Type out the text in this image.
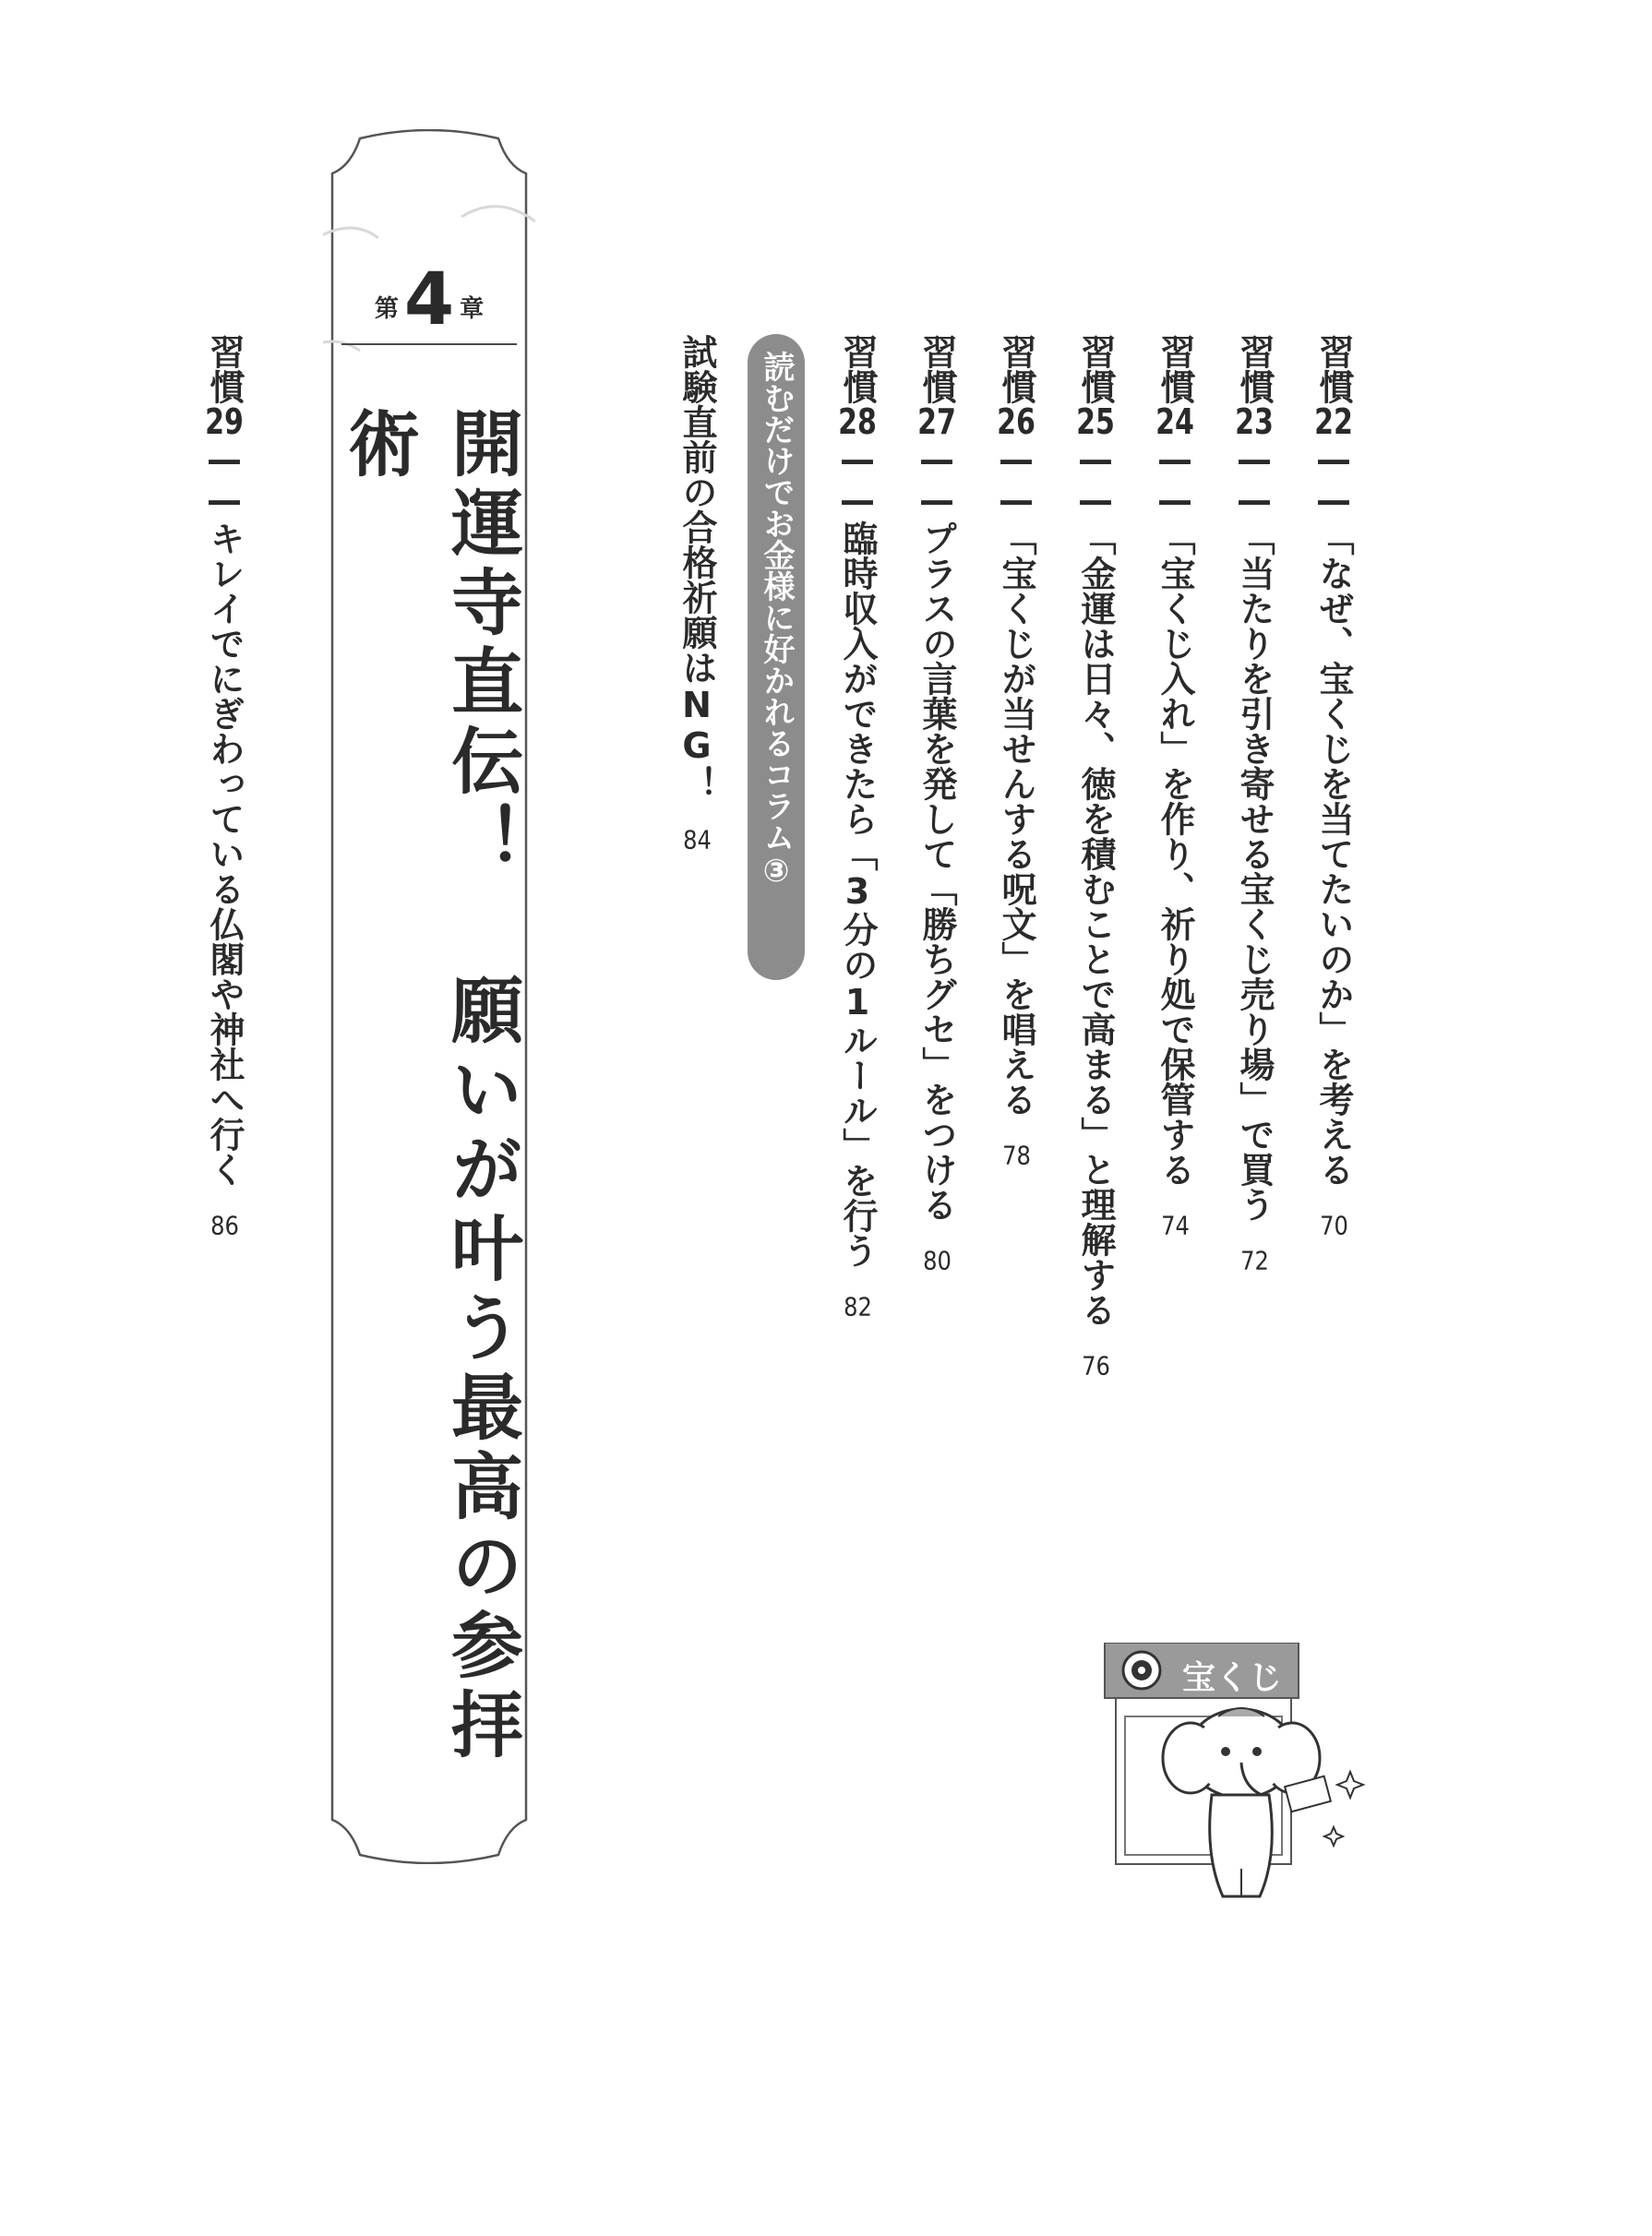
第 4 章
開運寺直伝！ 願いが叶う最高の参拝術
習慣22——「なぜ、宝くじを当てたいのか」を考える70
習慣23——「当たりを引き寄せる宝くじ売り場」で買う72
習慣24——「宝くじ入れ」を作り、祈り処で保管する74
習慣25——「金運は日々、徳を積むことで高まる」と理解する76
習慣26——「宝くじが当せんする呪文」を唱える78
習慣27——プラスの言葉を発して「勝ちグセ」をつける80
習慣28——臨時収入ができたら「3分の1ルール」を行う82
読むだけでお金様に好かれるコラム③
試験直前の合格祈願はNG！84
習慣29——キレイでにぎわっている仏閣や神社へ行く86
宝くじ
